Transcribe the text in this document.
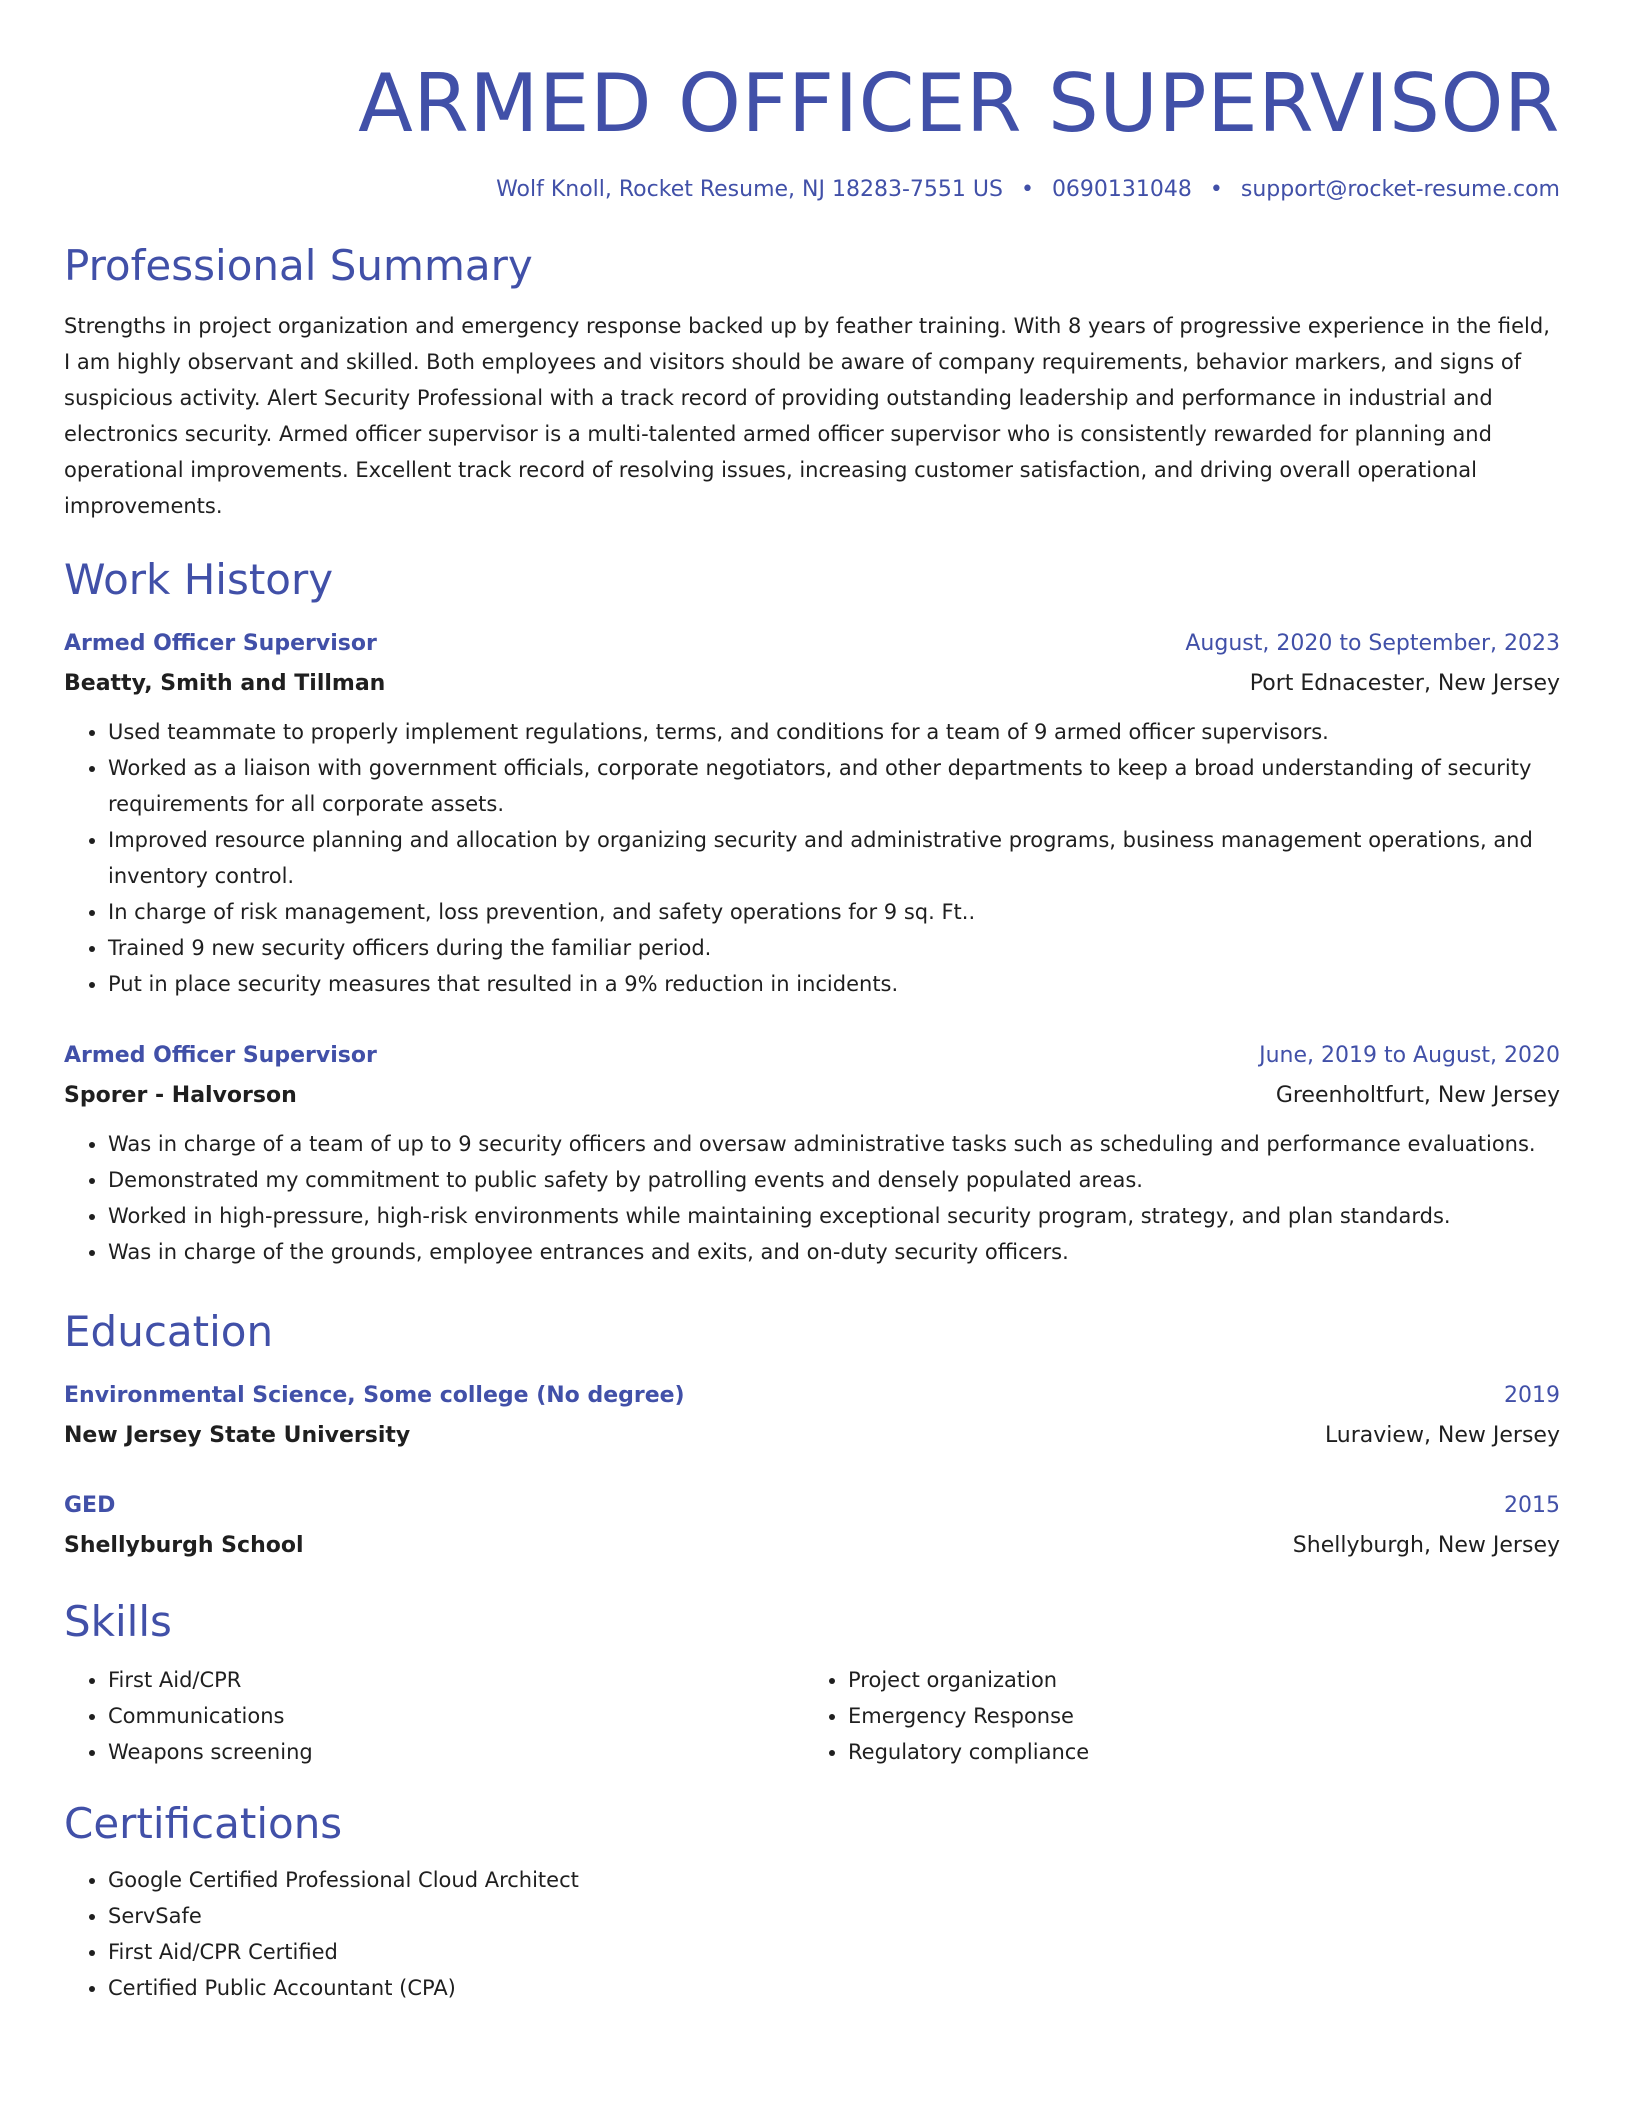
ARMED OFFICER SUPERVISOR
Wolf Knoll, Rocket Resume, NJ 18283-7551 US • 0690131048 • support@rocket-resume.com
Professional Summary
Strengths in project organization and emergency response backed up by feather training. With 8 years of progressive experience in the field, I am highly observant and skilled. Both employees and visitors should be aware of company requirements, behavior markers, and signs of suspicious activity. Alert Security Professional with a track record of providing outstanding leadership and performance in industrial and electronics security. Armed officer supervisor is a multi-talented armed officer supervisor who is consistently rewarded for planning and operational improvements. Excellent track record of resolving issues, increasing customer satisfaction, and driving overall operational improvements.
Work History
Armed Officer Supervisor	August, 2020 to September, 2023
Beatty, Smith and Tillman	Port Ednacester, New Jersey
• Used teammate to properly implement regulations, terms, and conditions for a team of 9 armed officer supervisors.
• Worked as a liaison with government officials, corporate negotiators, and other departments to keep a broad understanding of security requirements for all corporate assets.
• Improved resource planning and allocation by organizing security and administrative programs, business management operations, and inventory control.
• In charge of risk management, loss prevention, and safety operations for 9 sq. Ft..
• Trained 9 new security officers during the familiar period.
• Put in place security measures that resulted in a 9% reduction in incidents.
Armed Officer Supervisor	June, 2019 to August, 2020
Sporer - Halvorson	Greenholtfurt, New Jersey
• Was in charge of a team of up to 9 security officers and oversaw administrative tasks such as scheduling and performance evaluations.
• Demonstrated my commitment to public safety by patrolling events and densely populated areas.
• Worked in high-pressure, high-risk environments while maintaining exceptional security program, strategy, and plan standards.
• Was in charge of the grounds, employee entrances and exits, and on-duty security officers.
Education
Environmental Science, Some college (No degree)	2019
New Jersey State University	Luraview, New Jersey
GED	2015
Shellyburgh School	Shellyburgh, New Jersey
Skills
• First Aid/CPR
• Communications
• Weapons screening
• Project organization
• Emergency Response
• Regulatory compliance
Certifications
• Google Certified Professional Cloud Architect
• ServSafe
• First Aid/CPR Certified
• Certified Public Accountant (CPA)
